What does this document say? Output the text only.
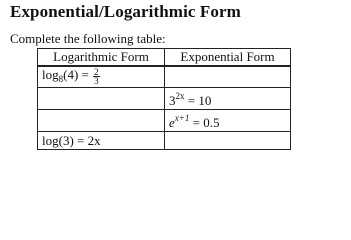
Exponential/Logarithmic Form
Complete the following table:
Logarithmic Form	Exponential Form
$\log_8(4) = \frac{2}{3}$

	$3^{2x} = 10$
	$e^{x+1} = 0.5$
log(3) = 2x	
